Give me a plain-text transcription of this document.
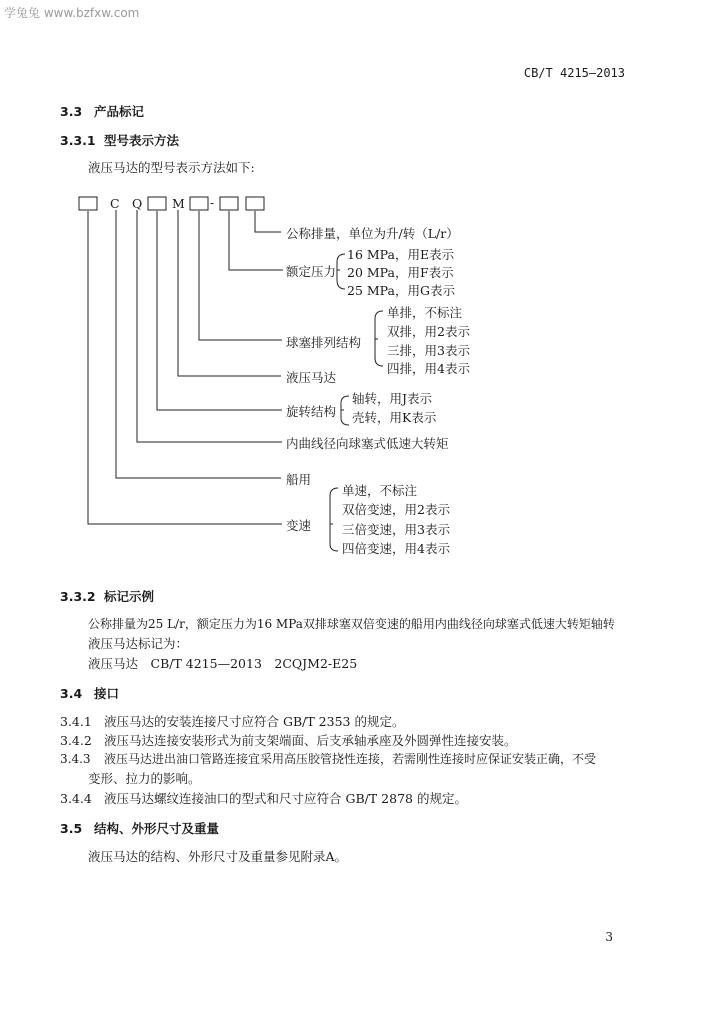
学兔兔 www.bzfxw.com
CB/T 4215—2013
3.3 产品标记
3.3.1 型号表示方法
液压马达的型号表示方法如下:
C Q M -
公称排量，单位为升/转（L/r）
额定压力
16 MPa，用E表示
20 MPa，用F表示
25 MPa，用G表示
球塞排列结构
单排，不标注
双排，用2表示
三排，用3表示
四排，用4表示
液压马达
旋转结构
轴转，用J表示
壳转，用K表示
内曲线径向球塞式低速大转矩
船用
变速
单速，不标注
双倍变速，用2表示
三倍变速，用3表示
四倍变速，用4表示
3.3.2 标记示例
公称排量为25 L/r，额定压力为16 MPa双排球塞双倍变速的船用内曲线径向球塞式低速大转矩轴转
液压马达标记为：
液压马达　CB/T 4215—2013　2CQJM2-E25
3.4 接口
3.4.1 液压马达的安装连接尺寸应符合 GB/T 2353 的规定。
3.4.2 液压马达连接安装形式为前支架端面、后支承轴承座及外圆弹性连接安装。
3.4.3 液压马达进出油口管路连接宜采用高压胶管挠性连接，若需刚性连接时应保证安装正确，不受
变形、拉力的影响。
3.4.4 液压马达螺纹连接油口的型式和尺寸应符合 GB/T 2878 的规定。
3.5 结构、外形尺寸及重量
液压马达的结构、外形尺寸及重量参见附录A。
3
